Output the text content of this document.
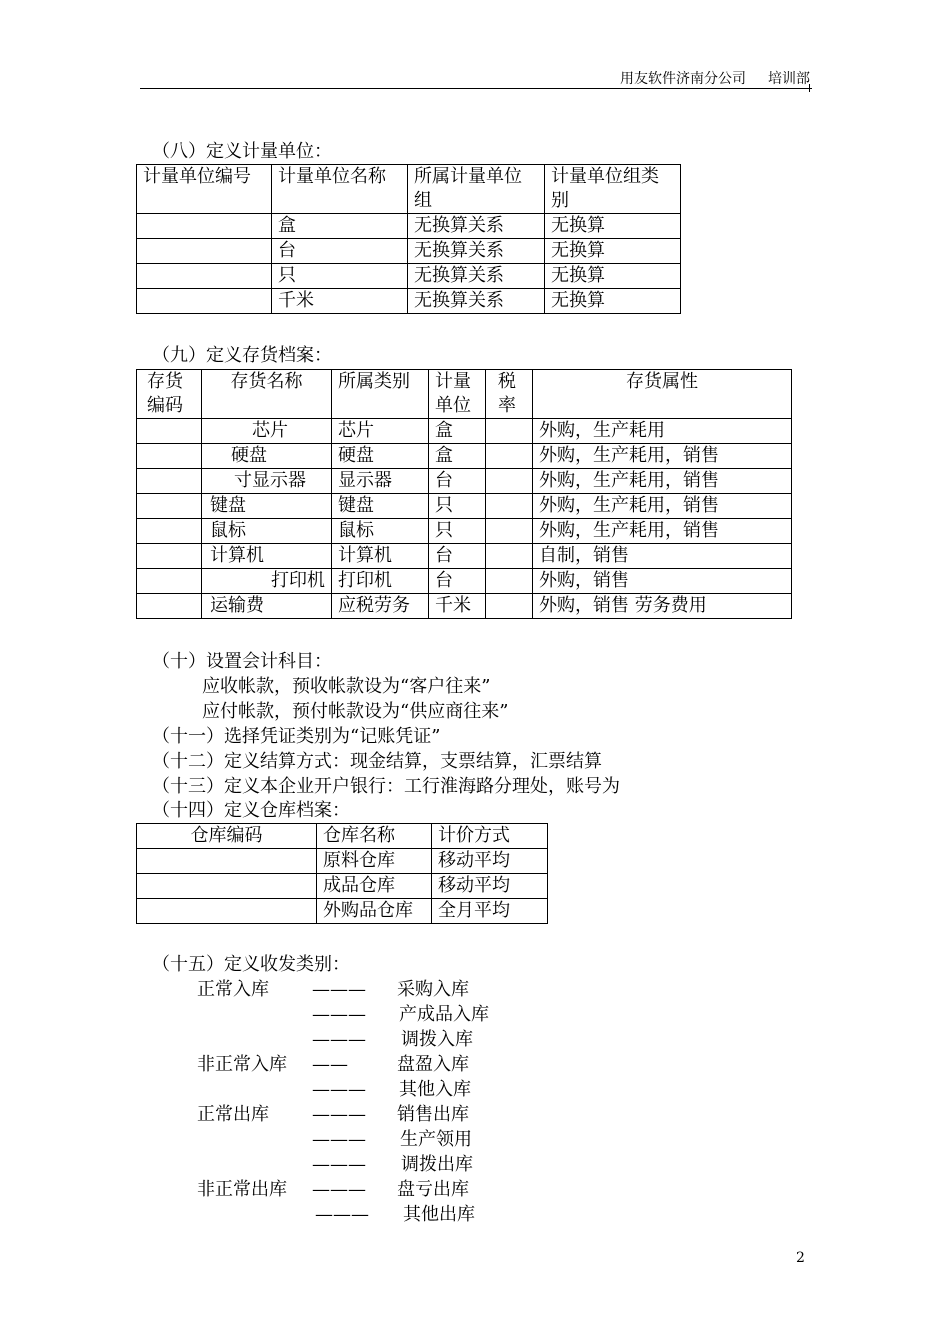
用友软件济南分公司 培训部
（八）定义计量单位：
计量单位编号	计量单位名称	所属计量单位组	计量单位组类别
	盒	无换算关系	无换算
	台	无换算关系	无换算
	只	无换算关系	无换算
	千米	无换算关系	无换算
（九）定义存货档案：
存货编码	存货名称	所属类别	计量单位	税率	存货属性
	芯片	芯片	盒		外购，生产耗用
	硬盘	硬盘	盒		外购，生产耗用，销售
	寸显示器	显示器	台		外购，生产耗用，销售
	键盘	键盘	只		外购，生产耗用，销售
	鼠标	鼠标	只		外购，生产耗用，销售
	计算机	计算机	台		自制，销售
	打印机	打印机	台		外购，销售
	运输费	应税劳务	千米		外购，销售 劳务费用
（十）设置会计科目：
应收帐款，预收帐款设为“客户往来”
应付帐款，预付帐款设为“供应商往来”
（十一）选择凭证类别为“记账凭证”
（十二）定义结算方式：现金结算，支票结算，汇票结算
（十三）定义本企业开户银行：工行淮海路分理处，账号为
（十四）定义仓库档案：
仓库编码	仓库名称	计价方式
	原料仓库	移动平均
	成品仓库	移动平均
	外购品仓库	全月平均
（十五）定义收发类别：
正常入库 ——— 采购入库
——— 产成品入库
——— 调拨入库
非正常入库 ——	盘盈入库
——— 其他入库
正常出库 ——— 销售出库
——— 生产领用
——— 调拨出库
非正常出库 ——— 盘亏出库
——— 其他出库
2
